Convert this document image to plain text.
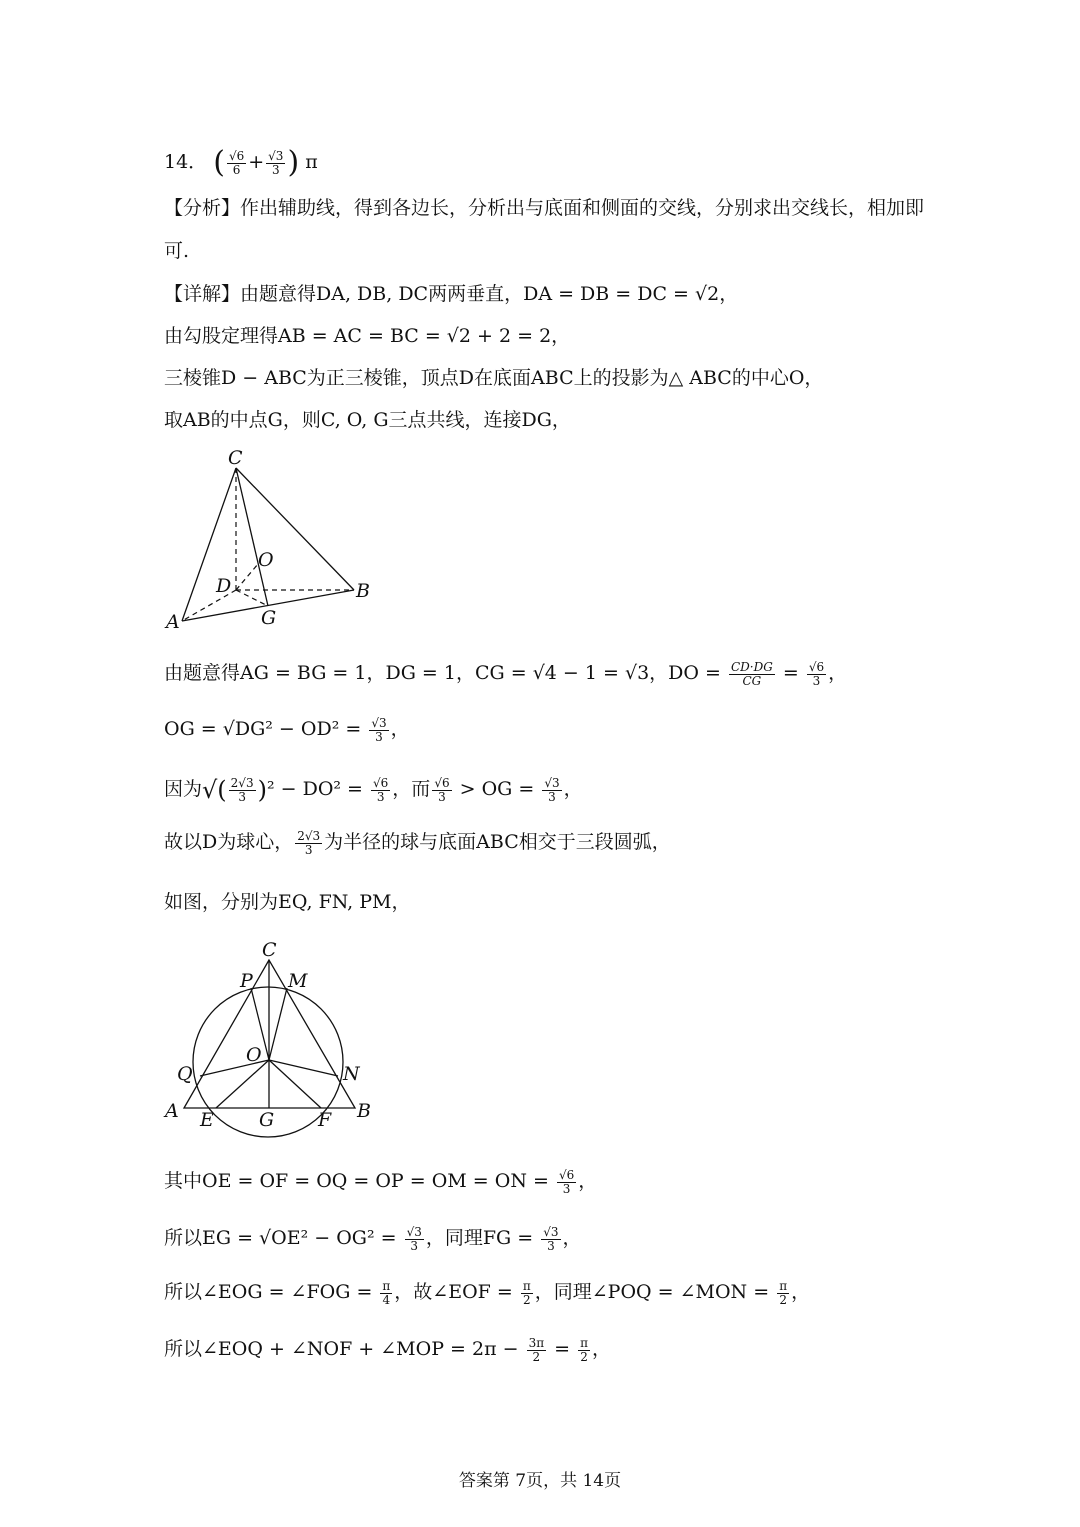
14． ( $\frac{√6}{6} + \frac{√3}{3}$ ) π
【分析】作出辅助线，得到各边长，分析出与底面和侧面的交线，分别求出交线长，相加即
可.
【详解】由题意得DA, DB, DC两两垂直，DA = DB = DC = √2，
由勾股定理得AB = AC = BC = √2 + 2 = 2，
三棱锥D − ABC为正三棱锥，顶点D在底面ABC上的投影为△ ABC的中心O，
取AB的中点G，则C, O, G三点共线，连接DG，
C
O
D	B
A	G
由题意得AG = BG = 1，DG = 1，CG = √4 − 1 = √3，DO = $\frac{CD\cdot DG}{CG} = \frac{√6}{3}$ ，
OG = $√DG^2 - OD^2 = \frac{√3}{3}$ ，
因为√( $\frac{2√3}{3} )^2 - DO^2 = \frac{√6}{3}$ ，而 $\frac{√6}{3}$ > OG = $\frac{√3}{3}$ ，
故以D为球心， $\frac{2√3}{3}$ 为半径的球与底面ABC相交于三段圆弧，
如图，分别为EQ, FN, PM，
C
P M
O
Q	N
A E G F B
其中OE = OF = OQ = OP = OM = ON = $\frac{√6}{3}$ ，
所以EG = $√OE^2 - OG^2 = \frac{√3}{3}$ ，同理FG = $\frac{√3}{3}$ ，
所以∠EOG = ∠FOG = $\frac{\pi}{4}$ ，故∠EOF = $\frac{\pi}{2}$ ，同理∠POQ = ∠MON = $\frac{\pi}{2}$ ，
所以∠EOQ + ∠NOF + ∠MOP = $2\pi - \frac{3\pi}{2} = \frac{\pi}{2}$ ，
答案第 7页，共 14页
